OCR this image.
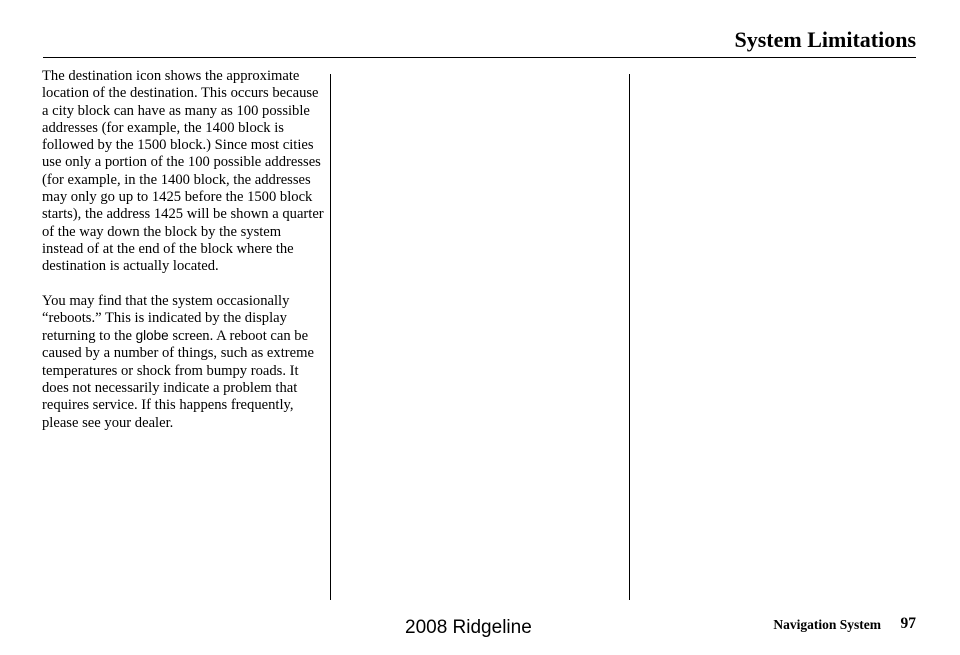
System Limitations

The destination icon shows the approximate location of the destination. This occurs because a city block can have as many as 100 possible addresses (for example, the 1400 block is followed by the 1500 block.) Since most cities use only a portion of the 100 possible addresses (for example, in the 1400 block, the addresses may only go up to 1425 before the 1500 block starts), the address 1425 will be shown a quarter of the way down the block by the system instead of at the end of the block where the destination is actually located.

You may find that the system occasionally “reboots.” This is indicated by the display returning to the globe screen. A reboot can be caused by a number of things, such as extreme temperatures or shock from bumpy roads. It does not necessarily indicate a problem that requires service. If this happens frequently, please see your dealer.

Navigation System 97
2008 Ridgeline
